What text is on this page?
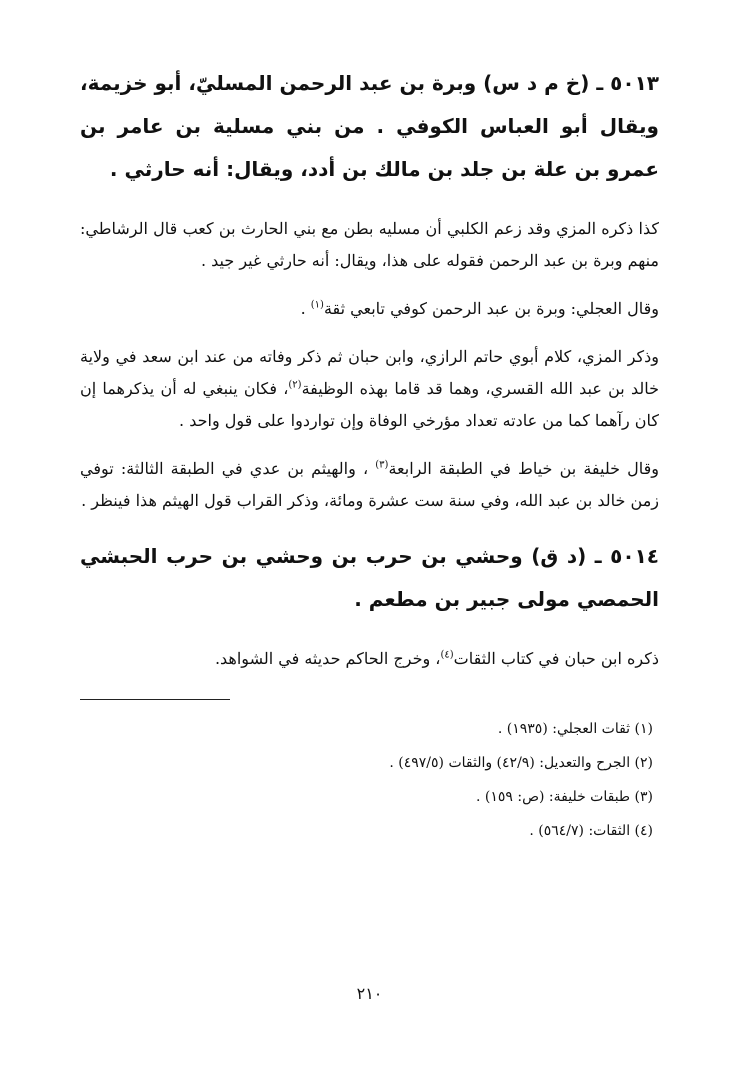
٥٠١٣ ـ (خ م د س) وبرة بن عبد الرحمن المسليّ، أبو خزيمة، ويقال أبو العباس الكوفي . من بني مسلية بن عامر بن عمرو بن علة بن جلد بن مالك بن أدد، ويقال: أنه حارثي .

كذا ذكره المزي وقد زعم الكلبي أن مسليه بطن مع بني الحارث بن كعب قال الرشاطي: منهم وبرة بن عبد الرحمن فقوله على هذا، ويقال: أنه حارثي غير جيد .

وقال العجلي: وبرة بن عبد الرحمن كوفي تابعي ثقة$^{(١)}$ .

وذكر المزي، كلام أبوي حاتم الرازي، وابن حبان ثم ذكر وفاته من عند ابن سعد في ولاية خالد بن عبد الله القسري، وهما قد قاما بهذه الوظيفة$^{(٢)}$، فكان ينبغي له أن يذكرهما إن كان رآهما كما من عادته تعداد مؤرخي الوفاة وإن تواردوا على قول واحد .

وقال خليفة بن خياط في الطبقة الرابعة$^{(٣)}$ ، والهيثم بن عدي في الطبقة الثالثة: توفي زمن خالد بن عبد الله، وفي سنة ست عشرة ومائة، وذكر القراب قول الهيثم هذا فينظر .

٥٠١٤ ـ (د ق) وحشي بن حرب بن وحشي بن حرب الحبشي الحمصي مولى جبير بن مطعم .

ذكره ابن حبان في كتاب الثقات$^{(٤)}$، وخرج الحاكم حديثه في الشواهد.

(١) ثقات العجلي: (١٩٣٥) .
(٢) الجرح والتعديل: (٤٢/٩) والثقات (٤٩٧/٥) .
(٣) طبقات خليفة: (ص: ١٥٩) .
(٤) الثقات: (٥٦٤/٧) .
٢١٠
